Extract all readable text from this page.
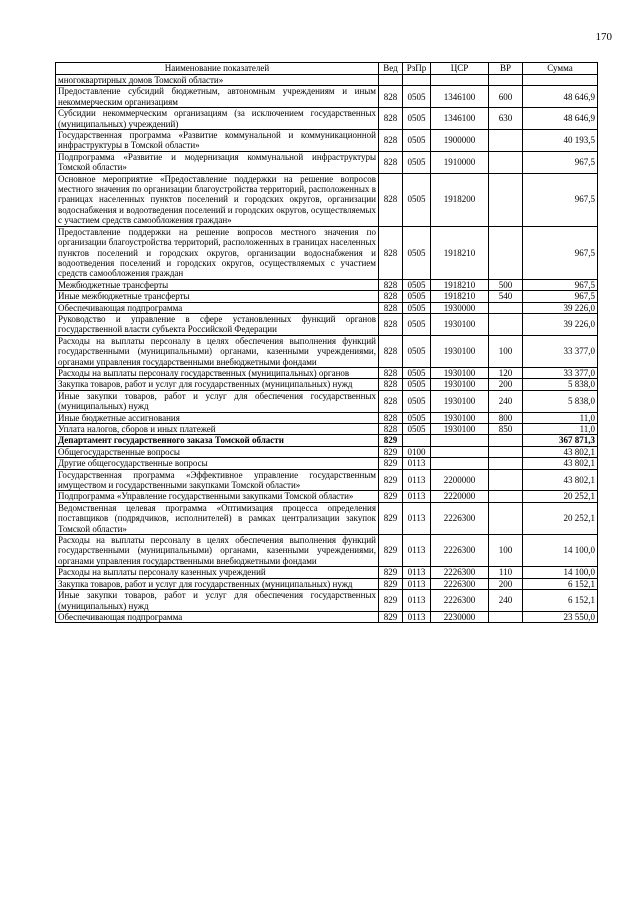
170
Наименование показателей	Вед	РзПр	ЦСР	ВР	Сумма
многоквартирных домов Томской области»					
Предоставление субсидий бюджетным, автономным учреждениям и иным некоммерческим организациям	828	0505	1346100	600	48 646,9
Субсидии некоммерческим организациям (за исключением государственных (муниципальных) учреждений)	828	0505	1346100	630	48 646,9
Государственная программа «Развитие коммунальной и коммуникационной инфраструктуры в Томской области»	828	0505	1900000		40 193,5
Подпрограмма «Развитие и модернизация коммунальной инфраструктуры Томской области»	828	0505	1910000		967,5
Основное мероприятие «Предоставление поддержки на решение вопросов местного значения по организации благоустройства территорий, расположенных в границах населенных пунктов поселений и городских округов, организации водоснабжения и водоотведения поселений и городских округов, осуществляемых с участием средств самообложения граждан»	828	0505	1918200		967,5
Предоставление поддержки на решение вопросов местного значения по организации благоустройства территорий, расположенных в границах населенных пунктов поселений и городских округов, организации водоснабжения и водоотведения поселений и городских округов, осуществляемых с участием средств самообложения граждан	828	0505	1918210		967,5
Межбюджетные трансферты	828	0505	1918210	500	967,5
Иные межбюджетные трансферты	828	0505	1918210	540	967,5
Обеспечивающая подпрограмма	828	0505	1930000		39 226,0
Руководство и управление в сфере установленных функций органов государственной власти субъекта Российской Федерации	828	0505	1930100		39 226,0
Расходы на выплаты персоналу в целях обеспечения выполнения функций государственными (муниципальными) органами, казенными учреждениями, органами управления государственными внебюджетными фондами	828	0505	1930100	100	33 377,0
Расходы на выплаты персоналу государственных (муниципальных) органов	828	0505	1930100	120	33 377,0
Закупка товаров, работ и услуг для государственных (муниципальных) нужд	828	0505	1930100	200	5 838,0
Иные закупки товаров, работ и услуг для обеспечения государственных (муниципальных) нужд	828	0505	1930100	240	5 838,0
Иные бюджетные ассигнования	828	0505	1930100	800	11,0
Уплата налогов, сборов и иных платежей	828	0505	1930100	850	11,0
Департамент государственного заказа Томской области	829				367 871,3
Общегосударственные вопросы	829	0100			43 802,1
Другие общегосударственные вопросы	829	0113			43 802,1
Государственная программа «Эффективное управление государственным имуществом и государственными закупками Томской области»	829	0113	2200000		43 802,1
Подпрограмма «Управление государственными закупками Томской области»	829	0113	2220000		20 252,1
Ведомственная целевая программа «Оптимизация процесса определения поставщиков (подрядчиков, исполнителей) в рамках централизации закупок Томской области»	829	0113	2226300		20 252,1
Расходы на выплаты персоналу в целях обеспечения выполнения функций государственными (муниципальными) органами, казенными учреждениями, органами управления государственными внебюджетными фондами	829	0113	2226300	100	14 100,0
Расходы на выплаты персоналу казенных учреждений	829	0113	2226300	110	14 100,0
Закупка товаров, работ и услуг для государственных (муниципальных) нужд	829	0113	2226300	200	6 152,1
Иные закупки товаров, работ и услуг для обеспечения государственных (муниципальных) нужд	829	0113	2226300	240	6 152,1
Обеспечивающая подпрограмма	829	0113	2230000		23 550,0
